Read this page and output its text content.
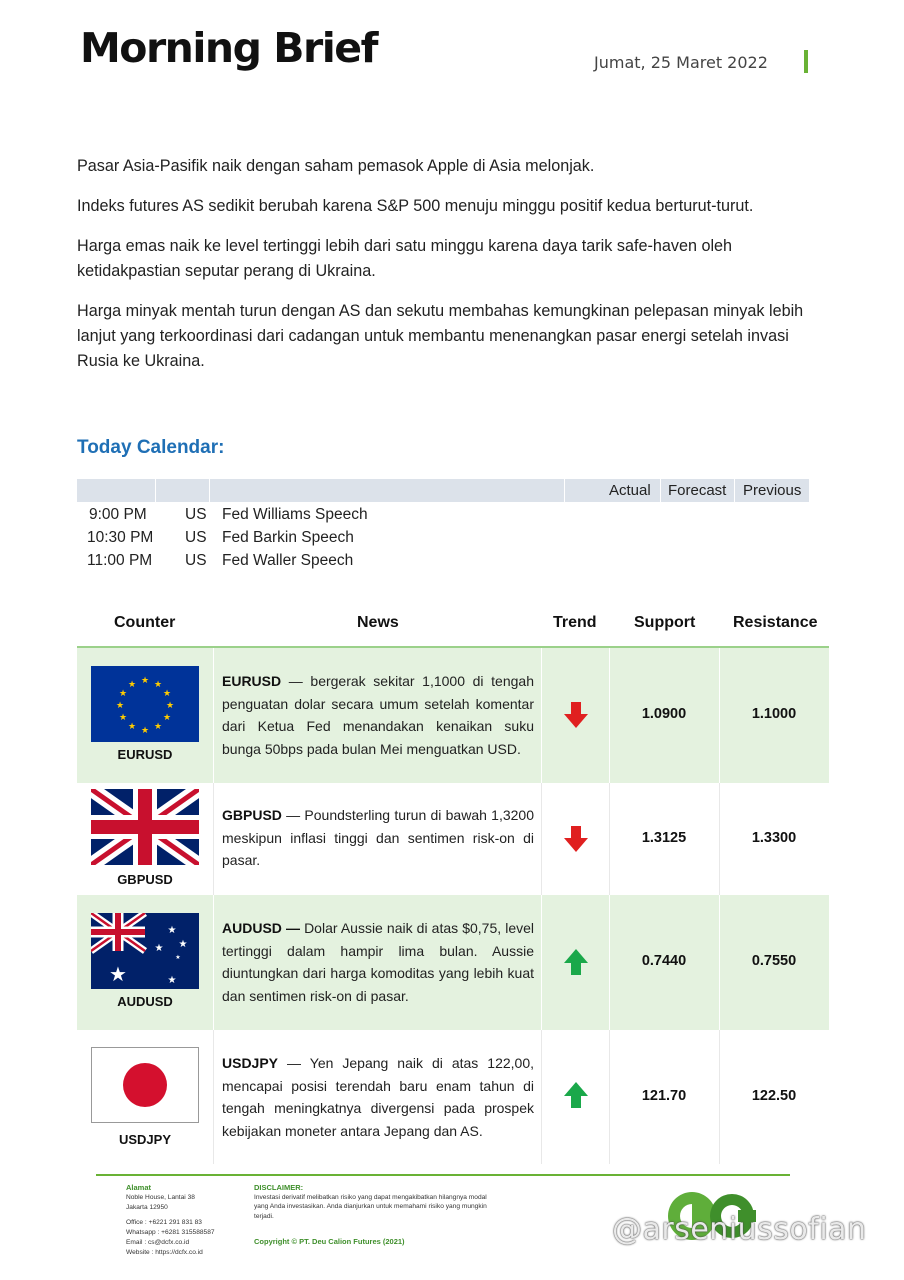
Morning Brief	Jumat, 25 Maret 2022

Pasar Asia-Pasifik naik dengan saham pemasok Apple di Asia melonjak.

Indeks futures AS sedikit berubah karena S&P 500 menuju minggu positif kedua berturut-turut.

Harga emas naik ke level tertinggi lebih dari satu minggu karena daya tarik safe-haven oleh ketidakpastian seputar perang di Ukraina.

Harga minyak mentah turun dengan AS dan sekutu membahas kemungkinan pelepasan minyak lebih lanjut yang terkoordinasi dari cadangan untuk membantu menenangkan pasar energi setelah invasi Rusia ke Ukraina.

Today Calendar:
Actual Forecast Previous
9:00 PM US Fed Williams Speech
10:30 PM US Fed Barkin Speech
11:00 PM US Fed Waller Speech
Counter	News	Trend Support Resistance
★ ★
★
★
★
★
★
★
★
★
★
★
EURUSD
EURUSD — bergerak sekitar 1,1000 di tengah penguatan dolar secara umum setelah komentar dari Ketua Fed menandakan kenaikan suku bunga 50bps pada bulan Mei menguatkan USD.
1.0900	1.1000
GBPUSD
GBPUSD — Poundsterling turun di bawah 1,3200 meskipun inflasi tinggi dan sentimen risk-on di pasar.
1.3125	1.3300
★
★
★ ★
★
★
AUDUSD
AUDUSD — Dolar Aussie naik di atas $0,75, level tertinggi dalam hampir lima bulan. Aussie diuntungkan dari harga komoditas yang lebih kuat dan sentimen risk-on di pasar.
0.7440	0.7550
USDJPY
USDJPY — Yen Jepang naik di atas 122,00, mencapai posisi terendah baru enam tahun di tengah meningkatnya divergensi pada prospek kebijakan moneter antara Jepang dan AS.
121.70	122.50
Alamat
Noble House, Lantai 38
Jakarta 12950
Office : +6221 291 831 83
Whatsapp : +6281 315588587
Email : cs@dcfx.co.id
Website : https://dcfx.co.id
DISCLAIMER:
Investasi derivatif melibatkan risiko yang dapat mengakibatkan hilangnya modal yang Anda investasikan. Anda dianjurkan untuk memahami risiko yang mungkin terjadi.
Copyright © PT. Deu Calion Futures (2021)	@arseniussofian
